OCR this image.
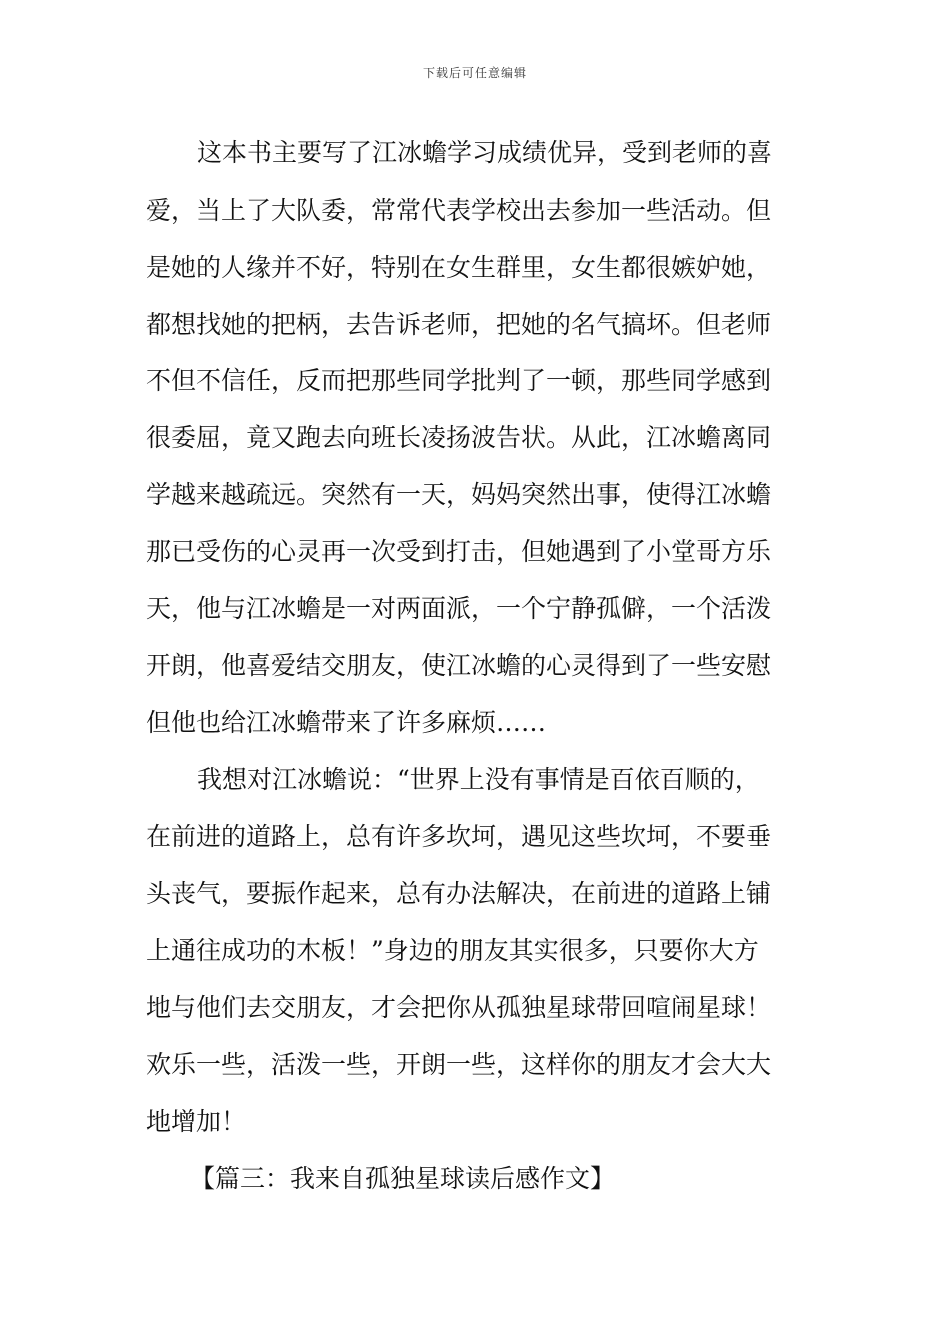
下载后可任意编辑
这本书主要写了江冰蟾学习成绩优异，受到老师的喜
爱，当上了大队委，常常代表学校出去参加一些活动。但
是她的人缘并不好，特别在女生群里，女生都很嫉妒她，
都想找她的把柄，去告诉老师，把她的名气搞坏。但老师
不但不信任，反而把那些同学批判了一顿，那些同学感到
很委屈，竟又跑去向班长凌扬波告状。从此，江冰蟾离同
学越来越疏远。突然有一天，妈妈突然出事，使得江冰蟾
那已受伤的心灵再一次受到打击，但她遇到了小堂哥方乐
天，他与江冰蟾是一对两面派，一个宁静孤僻，一个活泼
开朗，他喜爱结交朋友，使江冰蟾的心灵得到了一些安慰
但他也给江冰蟾带来了许多麻烦……
我想对江冰蟾说：“世界上没有事情是百依百顺的，
在前进的道路上，总有许多坎坷，遇见这些坎坷，不要垂
头丧气，要振作起来，总有办法解决，在前进的道路上铺
上通往成功的木板！”身边的朋友其实很多，只要你大方
地与他们去交朋友，才会把你从孤独星球带回喧闹星球！
欢乐一些，活泼一些，开朗一些，这样你的朋友才会大大
地增加！
【篇三：我来自孤独星球读后感作文】
